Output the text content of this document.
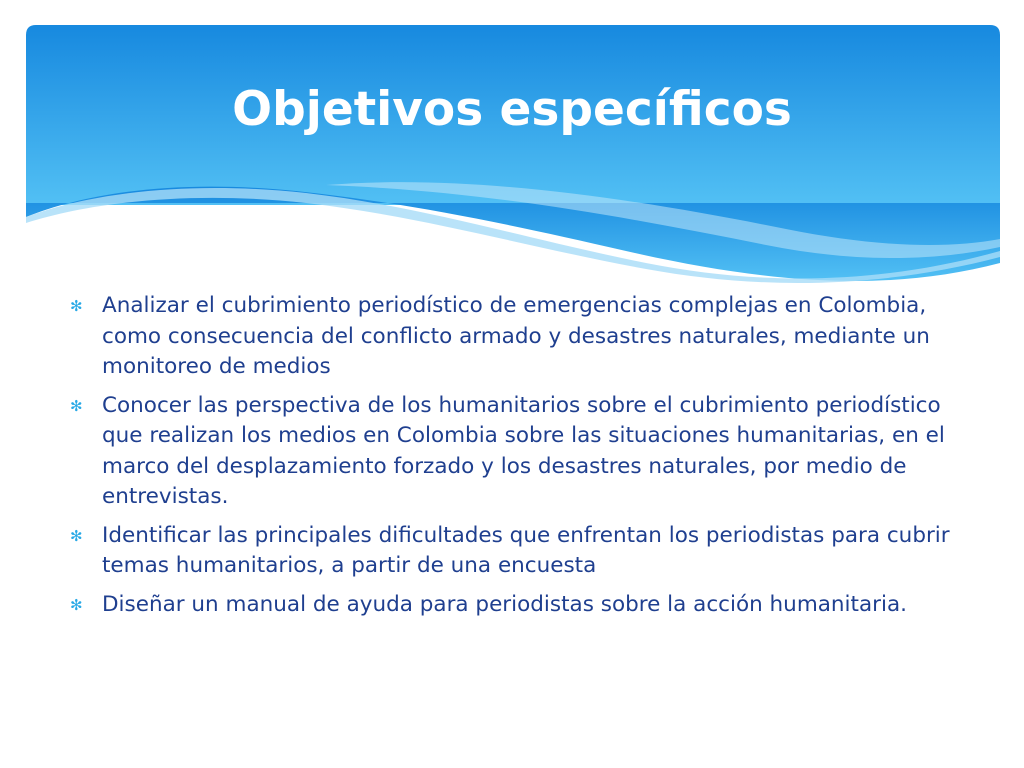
Objetivos específicos
✻ Analizar el cubrimiento periodístico de emergencias complejas en Colombia, como consecuencia del conflicto armado y desastres naturales, mediante un monitoreo de medios
✻ Conocer las perspectiva de los humanitarios sobre el cubrimiento periodístico que realizan los medios en Colombia sobre las situaciones humanitarias, en el marco del desplazamiento forzado y los desastres naturales, por medio de entrevistas.
✻ Identificar las principales dificultades que enfrentan los periodistas para cubrir temas humanitarios, a partir de una encuesta
✻ Diseñar un manual de ayuda para periodistas sobre la acción humanitaria.
